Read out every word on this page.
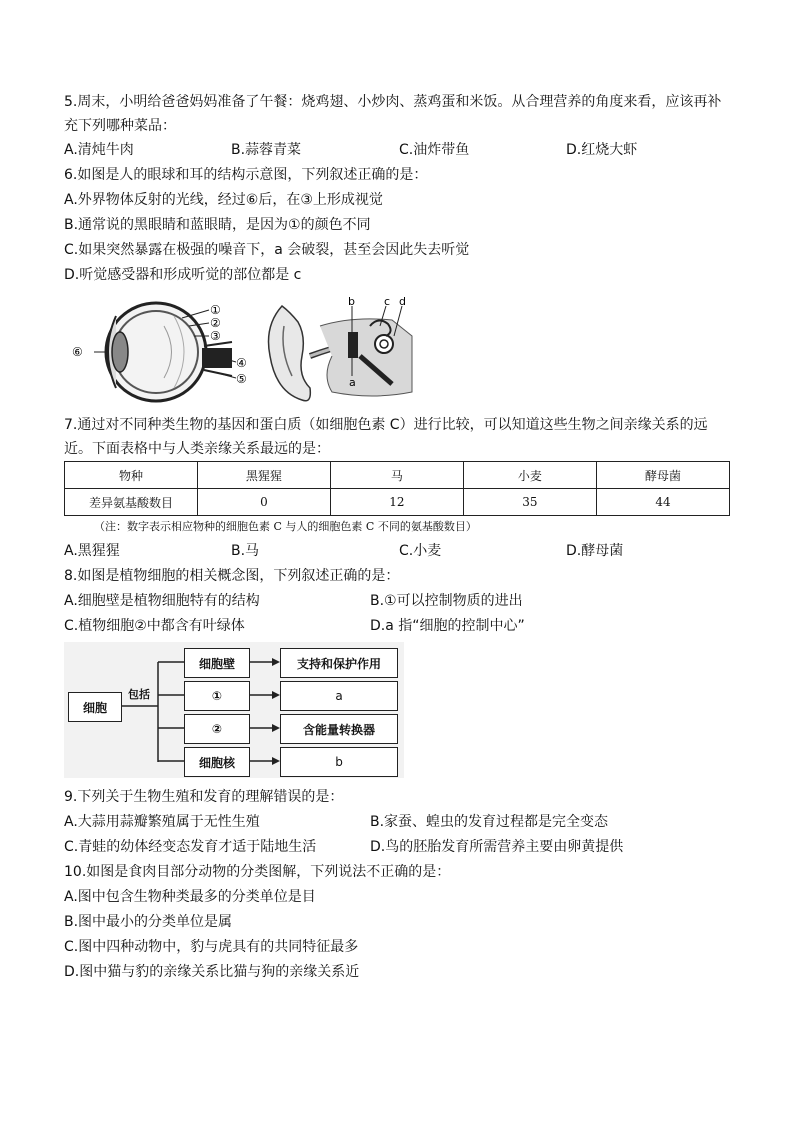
5.周末，小明给爸爸妈妈准备了午餐：烧鸡翅、小炒肉、蒸鸡蛋和米饭。从合理营养的角度来看，应该再补
充下列哪种菜品：
A.清炖牛肉	B.蒜蓉青菜	C.油炸带鱼	D.红烧大虾
6.如图是人的眼球和耳的结构示意图，下列叙述正确的是：
A.外界物体反射的光线，经过⑥后，在③上形成视觉
B.通常说的黑眼睛和蓝眼睛，是因为①的颜色不同
C.如果突然暴露在极强的噪音下，a 会破裂，甚至会因此失去听觉
D.听觉感受器和形成听觉的部位都是 c
①
②
③
④
⑤
⑥
b	c d
a
7.通过对不同种类生物的基因和蛋白质（如细胞色素 C）进行比较，可以知道这些生物之间亲缘关系的远
近。下面表格中与人类亲缘关系最远的是：
物种	黑猩猩	马	小麦	酵母菌
差异氨基酸数目	0	12	35	44
（注：数字表示相应物种的细胞色素 C 与人的细胞色素 C 不同的氨基酸数目）
A.黑猩猩	B.马	C.小麦	D.酵母菌
8.如图是植物细胞的相关概念图，下列叙述正确的是：
A.细胞壁是植物细胞特有的结构	B.①可以控制物质的进出
C.植物细胞②中都含有叶绿体	D.a 指“细胞的控制中心”
细胞
包括
细胞壁
①
②
细胞核
支持和保护作用
a
含能量转换器
b
9.下列关于生物生殖和发育的理解错误的是：
A.大蒜用蒜瓣繁殖属于无性生殖	B.家蚕、蝗虫的发育过程都是完全变态
C.青蛙的幼体经变态发育才适于陆地生活	D.鸟的胚胎发育所需营养主要由卵黄提供
10.如图是食肉目部分动物的分类图解，下列说法不正确的是：
A.图中包含生物种类最多的分类单位是目
B.图中最小的分类单位是属
C.图中四种动物中，豹与虎具有的共同特征最多
D.图中猫与豹的亲缘关系比猫与狗的亲缘关系近
